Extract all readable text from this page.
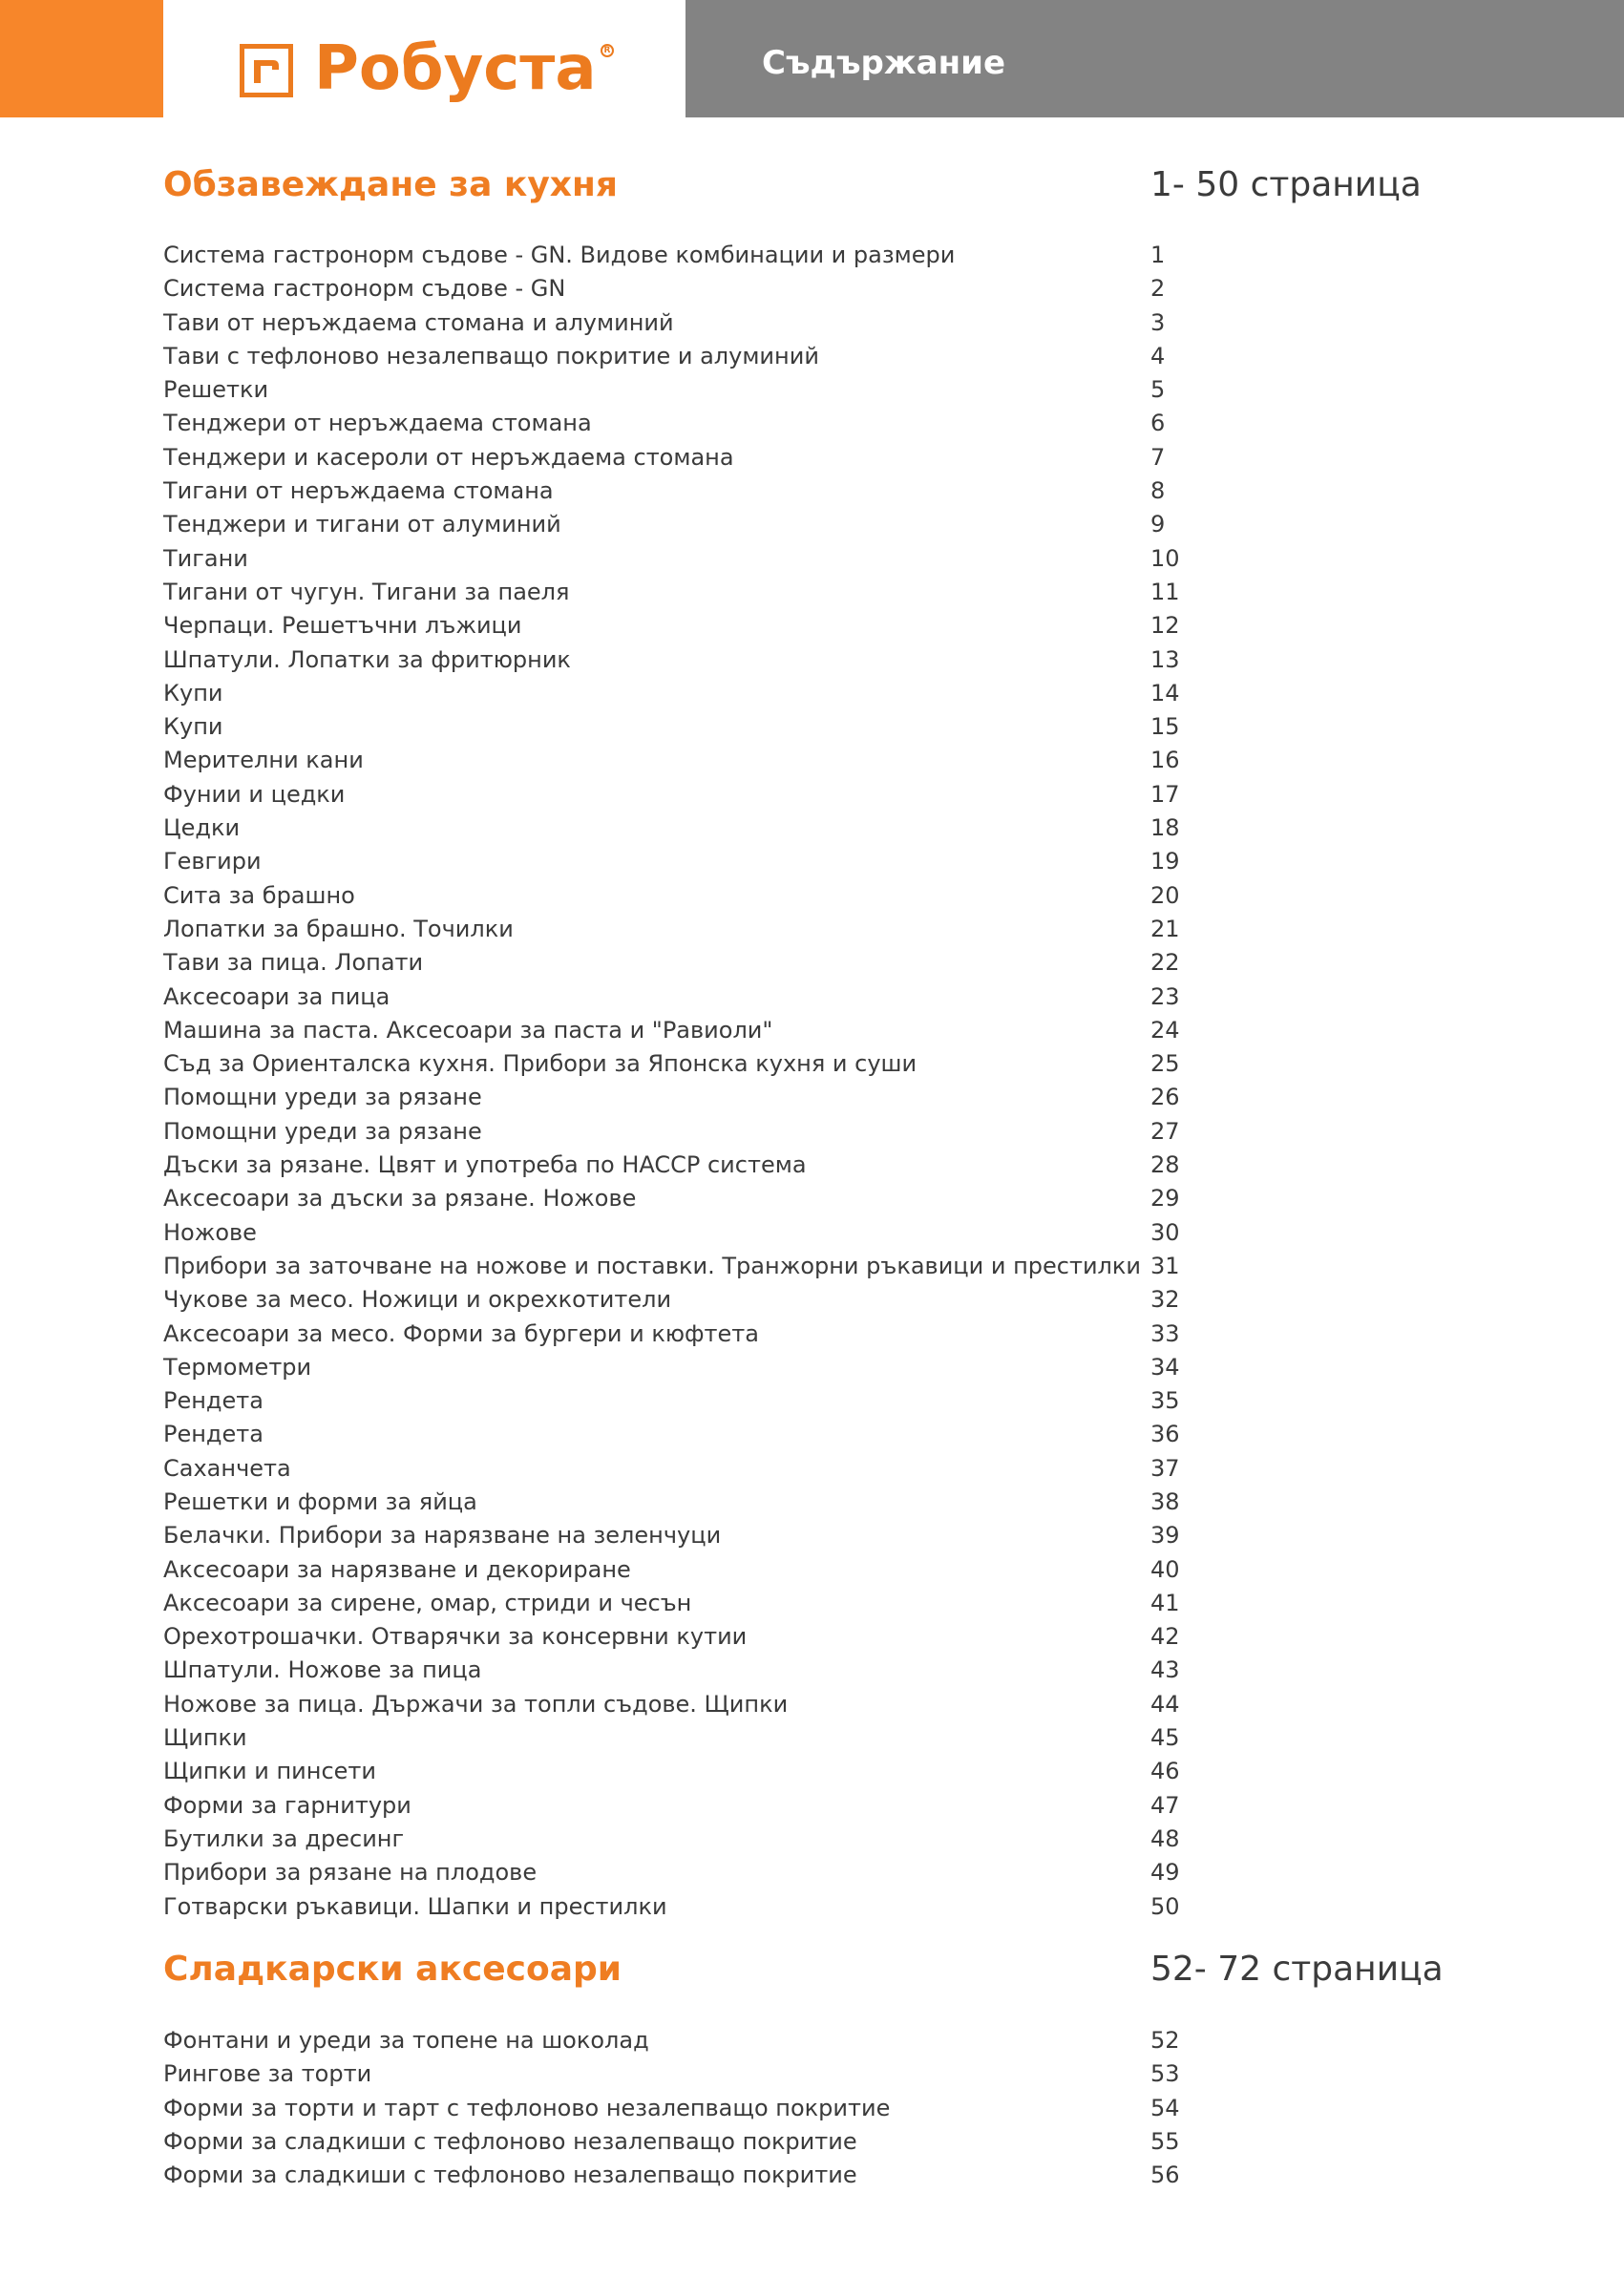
Робуста R	Съдържание
Обзавеждане за кухня	1- 50 страница
Система гастронорм съдове - GN. Видове комбинации и размери	1
Система гастронорм съдове - GN	2
Тави от неръждаема стомана и алуминий	3
Тави с тефлоново незалепващо покритие и алуминий	4
Решетки	5
Тенджери от неръждаема стомана	6
Тенджери и касероли от неръждаема стомана	7
Тигани от неръждаема стомана	8
Тенджери и тигани от алуминий	9
Тигани	10
Тигани от чугун. Тигани за паеля	11
Черпаци. Решетъчни лъжици	12
Шпатули. Лопатки за фритюрник	13
Купи	14
Купи	15
Мерителни кани	16
Фунии и цедки	17
Цедки	18
Гевгири	19
Сита за брашно	20
Лопатки за брашно. Точилки	21
Тави за пица. Лопати	22
Аксесоари за пица	23
Машина за паста. Аксесоари за паста и "Равиоли"	24
Съд за Ориенталска кухня. Прибори за Японска кухня и суши	25
Помощни уреди за рязане	26
Помощни уреди за рязане	27
Дъски за рязане. Цвят и употреба по HACCP система	28
Аксесоари за дъски за рязане. Ножове	29
Ножове	30
Прибори за заточване на ножове и поставки. Транжорни ръкавици и престилки 31
Чукове за месо. Ножици и окрехкотители	32
Аксесоари за месо. Форми за бургери и кюфтета	33
Термометри	34
Рендета	35
Рендета	36
Саханчета	37
Решетки и форми за яйца	38
Белачки. Прибори за нарязване на зеленчуци	39
Аксесоари за нарязване и декориране	40
Аксесоари за сирене, омар, стриди и чесън	41
Орехотрошачки. Отварячки за консервни кутии	42
Шпатули. Ножове за пица	43
Ножове за пица. Държачи за топли съдове. Щипки	44
Щипки	45
Щипки и пинсети	46
Форми за гарнитури	47
Бутилки за дресинг	48
Прибори за рязане на плодове	49
Готварски ръкавици. Шапки и престилки	50
Сладкарски аксесоари	52- 72 страница
Фонтани и уреди за топене на шоколад	52
Рингове за торти	53
Форми за торти и тарт с тефлоново незалепващо покритие	54
Форми за сладкиши с тефлоново незалепващо покритие	55
Форми за сладкиши с тефлоново незалепващо покритие	56
